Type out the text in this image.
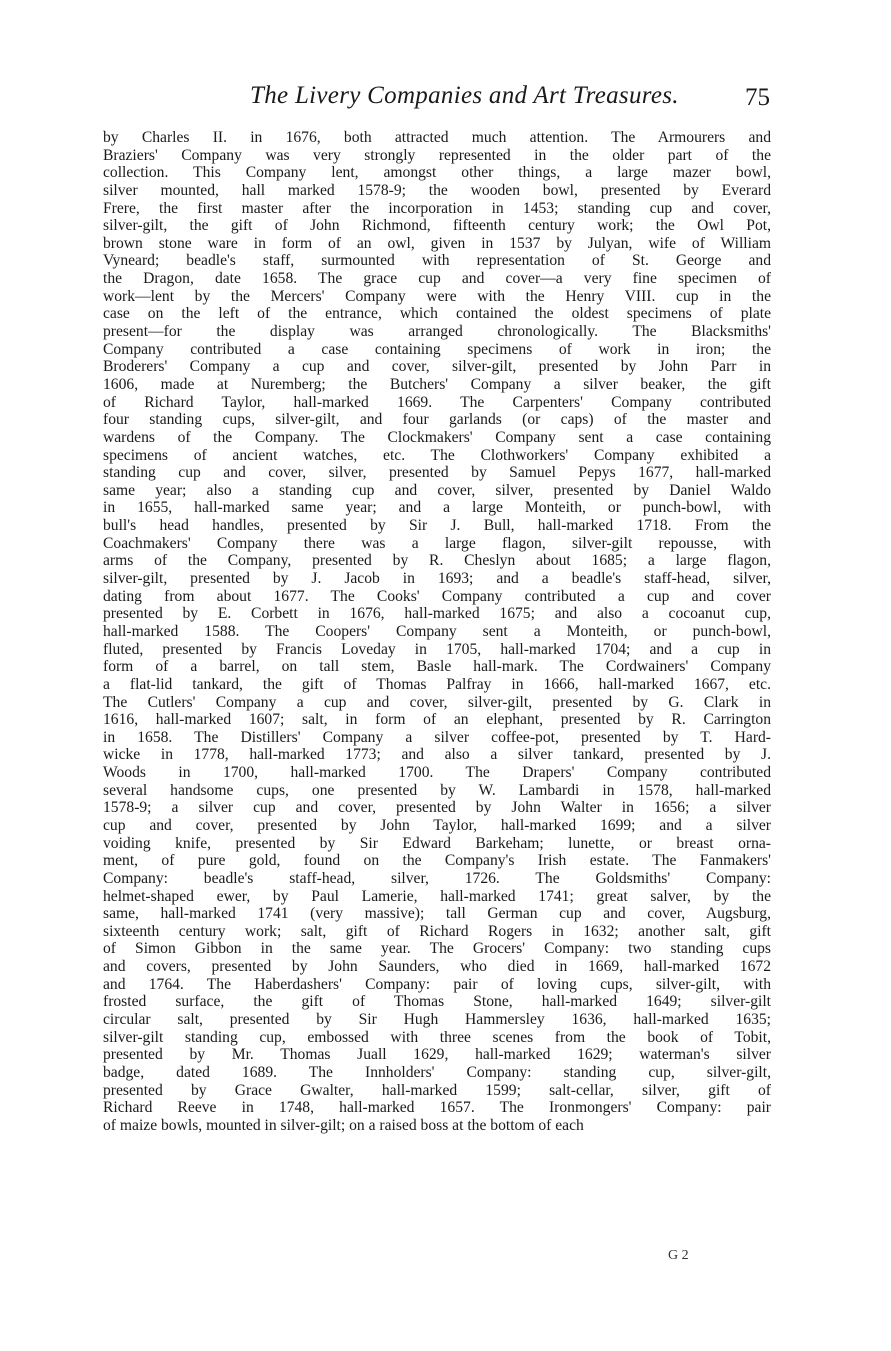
The Livery Companies and Art Treasures.	75
by Charles II. in 1676, both attracted much attention. The Armourers and
Braziers' Company was very strongly represented in the older part of the
collection. This Company lent, amongst other things, a large mazer bowl,
silver mounted, hall marked 1578-9; the wooden bowl, presented by Everard
Frere, the first master after the incorporation in 1453; standing cup and cover,
silver-gilt, the gift of John Richmond, fifteenth century work; the Owl Pot,
brown stone ware in form of an owl, given in 1537 by Julyan, wife of William
Vyneard; beadle's staff, surmounted with representation of St. George and
the Dragon, date 1658. The grace cup and cover—a very fine specimen of
work—lent by the Mercers' Company were with the Henry VIII. cup in the
case on the left of the entrance, which contained the oldest specimens of plate
present—for the display was arranged chronologically. The Blacksmiths'
Company contributed a case containing specimens of work in iron; the
Broderers' Company a cup and cover, silver-gilt, presented by John Parr in
1606, made at Nuremberg; the Butchers' Company a silver beaker, the gift
of Richard Taylor, hall-marked 1669. The Carpenters' Company contributed
four standing cups, silver-gilt, and four garlands (or caps) of the master and
wardens of the Company. The Clockmakers' Company sent a case containing
specimens of ancient watches, etc. The Clothworkers' Company exhibited a
standing cup and cover, silver, presented by Samuel Pepys 1677, hall-marked
same year; also a standing cup and cover, silver, presented by Daniel Waldo
in 1655, hall-marked same year; and a large Monteith, or punch-bowl, with
bull's head handles, presented by Sir J. Bull, hall-marked 1718. From the
Coachmakers' Company there was a large flagon, silver-gilt repousse, with
arms of the Company, presented by R. Cheslyn about 1685; a large flagon,
silver-gilt, presented by J. Jacob in 1693; and a beadle's staff-head, silver,
dating from about 1677. The Cooks' Company contributed a cup and cover
presented by E. Corbett in 1676, hall-marked 1675; and also a cocoanut cup,
hall-marked 1588. The Coopers' Company sent a Monteith, or punch-bowl,
fluted, presented by Francis Loveday in 1705, hall-marked 1704; and a cup in
form of a barrel, on tall stem, Basle hall-mark. The Cordwainers' Company
a flat-lid tankard, the gift of Thomas Palfray in 1666, hall-marked 1667, etc.
The Cutlers' Company a cup and cover, silver-gilt, presented by G. Clark in
1616, hall-marked 1607; salt, in form of an elephant, presented by R. Carrington
in 1658. The Distillers' Company a silver coffee-pot, presented by T. Hard-
wicke in 1778, hall-marked 1773; and also a silver tankard, presented by J.
Woods in 1700, hall-marked 1700. The Drapers' Company contributed
several handsome cups, one presented by W. Lambardi in 1578, hall-marked
1578-9; a silver cup and cover, presented by John Walter in 1656; a silver
cup and cover, presented by John Taylor, hall-marked 1699; and a silver
voiding knife, presented by Sir Edward Barkeham; lunette, or breast orna-
ment, of pure gold, found on the Company's Irish estate. The Fanmakers'
Company: beadle's staff-head, silver, 1726. The Goldsmiths' Company:
helmet-shaped ewer, by Paul Lamerie, hall-marked 1741; great salver, by the
same, hall-marked 1741 (very massive); tall German cup and cover, Augsburg,
sixteenth century work; salt, gift of Richard Rogers in 1632; another salt, gift
of Simon Gibbon in the same year. The Grocers' Company: two standing cups
and covers, presented by John Saunders, who died in 1669, hall-marked 1672
and 1764. The Haberdashers' Company: pair of loving cups, silver-gilt, with
frosted surface, the gift of Thomas Stone, hall-marked 1649; silver-gilt
circular salt, presented by Sir Hugh Hammersley 1636, hall-marked 1635;
silver-gilt standing cup, embossed with three scenes from the book of Tobit,
presented by Mr. Thomas Juall 1629, hall-marked 1629; waterman's silver
badge, dated 1689. The Innholders' Company: standing cup, silver-gilt,
presented by Grace Gwalter, hall-marked 1599; salt-cellar, silver, gift of
Richard Reeve in 1748, hall-marked 1657. The Ironmongers' Company: pair
of maize bowls, mounted in silver-gilt; on a raised boss at the bottom of each
G 2
